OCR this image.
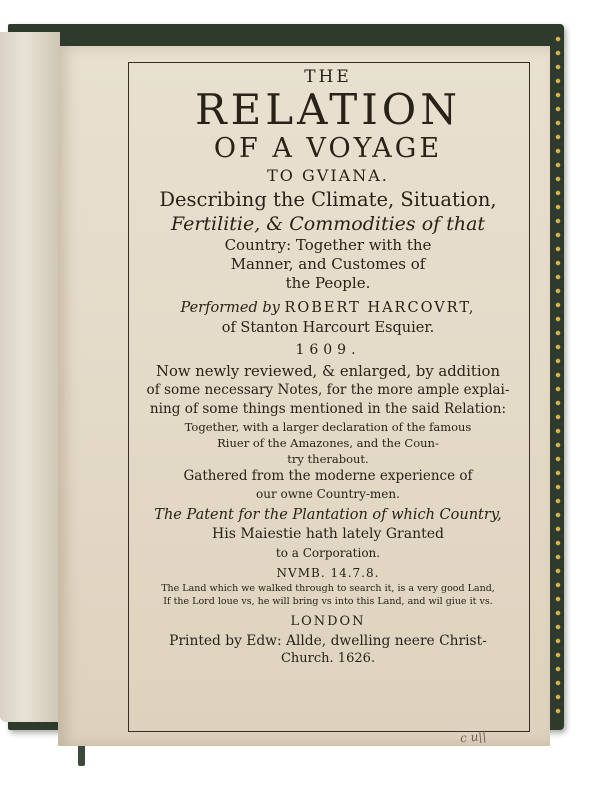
THE
RELATION
OF A VOYAGE
TO GVIANA.
Describing the Climate, Situation,
Fertilitie, & Commodities of that
Country: Together with the
Manner, and Customes of
the People.
Performed by ROBERT HARCOVRT,
of Stanton Harcourt Esquier.
1609.
Now newly reviewed, & enlarged, by addition
of some necessary Notes, for the more ample explai-
ning of some things mentioned in the said Relation:
Together, with a larger declaration of the famous
Riuer of the Amazones, and the Coun-
try therabout.
Gathered from the moderne experience of
our owne Country-men.
The Patent for the Plantation of which Country,
His Maiestie hath lately Granted
to a Corporation.
NVMB. 14.7.8.
The Land which we walked through to search it, is a very good Land,
If the Lord loue vs, he will bring vs into this Land, and wil giue it vs.
LONDON
Printed by Edw: Allde, dwelling neere Christ-
Church. 1626.
c u||
